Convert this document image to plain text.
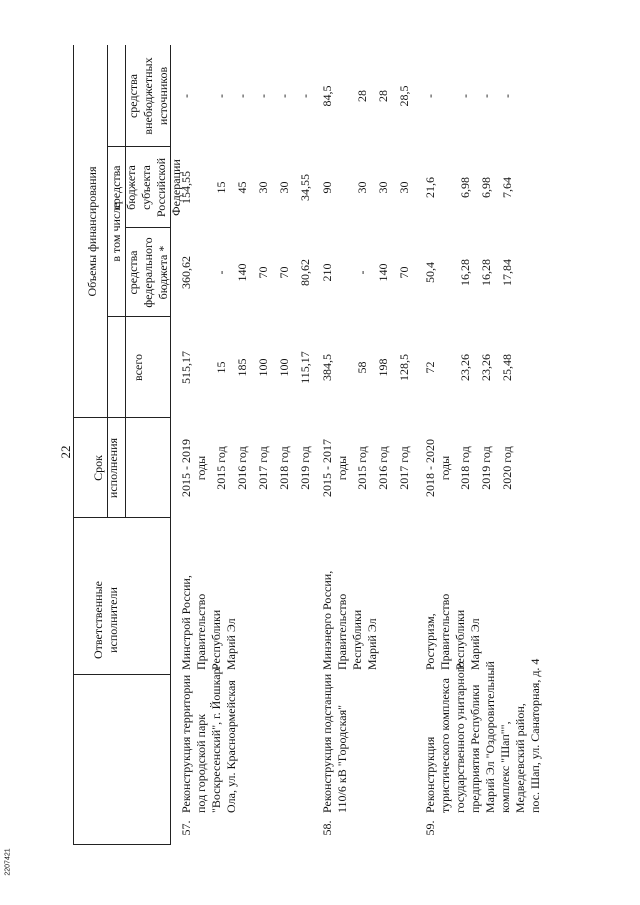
22
2207421
Ответственные
исполнители
Срок
исполнения
Объемы финансирования
всего
в том числе
средства
федерального
бюджета *
средства
бюджета
субъекта
Российской
Федерации
средства
внебюджетных
источников
57.
Реконструкция территории
под городской парк
"Воскресенский", г. Йошкар-
Ола, ул. Красноармейская
Минстрой России,
Правительство
Республики
Марий Эл
2015 - 2019
годы
515,17
360,62
154,55
-
2015 год
15
-
15
-
2016 год
185
140
45
-
2017 год
100
70
30
-
2018 год
100
70
30
-
2019 год
115,17
80,62
34,55
-
58.
Реконструкция подстанции
110/6 кВ "Городская"
Минэнерго России,
Правительство
Республики
Марий Эл
2015 - 2017
годы
384,5
210
90
84,5
2015 год
58
-
30
28
2016 год
198
140
30
28
2017 год
128,5
70
30
28,5
59.
Реконструкция
туристического комплекса
государственного унитарного
предприятия Республики
Марий Эл "Оздоровительный
комплекс "Шап"",
Медведевский район,
пос. Шап, ул. Санаторная, д. 4
Ростуризм,
Правительство
Республики
Марий Эл
2018 - 2020
годы
72
50,4
21,6
-
2018 год
23,26
16,28
6,98
-
2019 год
23,26
16,28
6,98
-
2020 год
25,48
17,84
7,64
-
